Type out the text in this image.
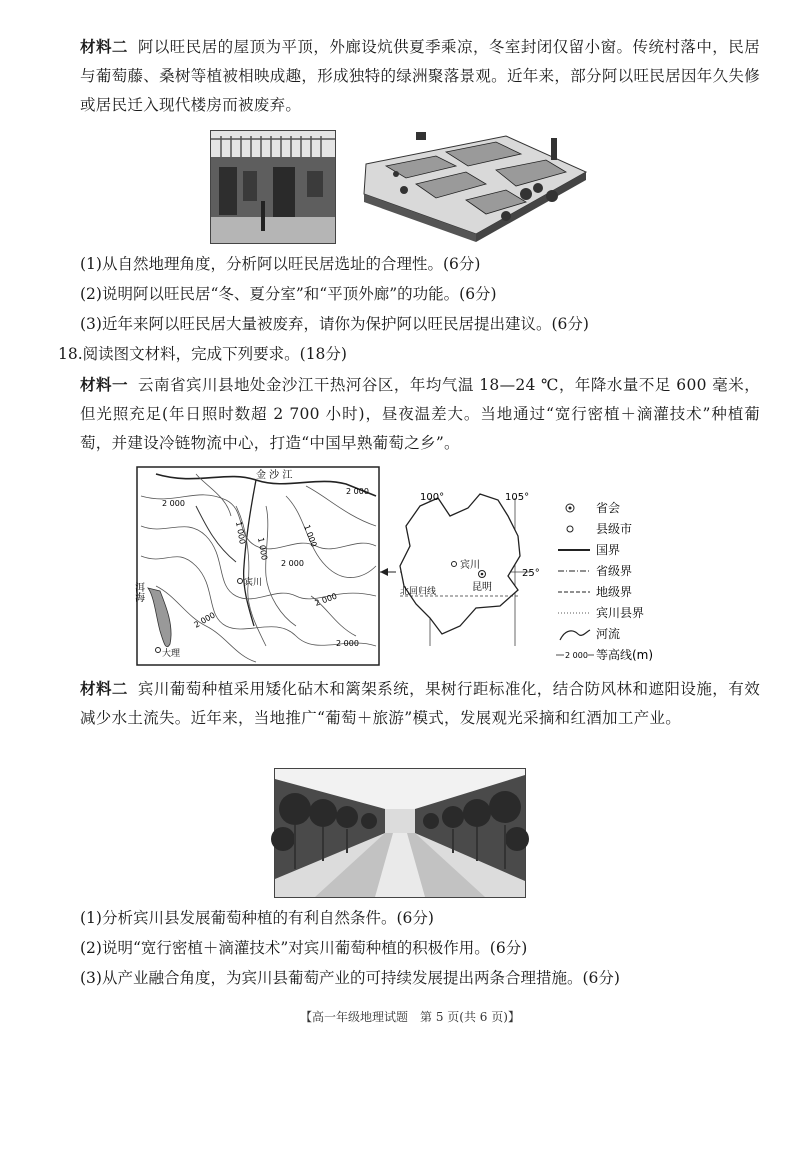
材料二 阿以旺民居的屋顶为平顶，外廊设炕供夏季乘凉，冬室封闭仅留小窗。传统村落中，民居与葡萄藤、桑树等植被相映成趣，形成独特的绿洲聚落景观。近年来，部分阿以旺民居因年久失修或居民迁入现代楼房而被废弃。

(1)从自然地理角度，分析阿以旺民居选址的合理性。(6分)

(2)说明阿以旺民居“冬、夏分室”和“平顶外廊”的功能。(6分)

(3)近年来阿以旺民居大量被废弃，请你为保护阿以旺民居提出建议。(6分)

18.阅读图文材料，完成下列要求。(18分)

材料一 云南省宾川县地处金沙江干热河谷区，年均气温 18—24 ℃，年降水量不足 600 毫米，但光照充足(年日照时数超 2 700 小时)，昼夜温差大。当地通过“宽行密植＋滴灌技术”种植葡萄，并建设冷链物流中心，打造“中国早熟葡萄之乡”。

金 沙 江
洱海
2 000
2 000
1 000
1 000
1 000
2 000
2 000
2 000
2 000
宾川
大理
100°	105°
25°
宾川
昆明
北回归线
省会
县级市
国界
省级界
地级界
宾川县界
河流
2 000 等高线(m)

材料二 宾川葡萄种植采用矮化砧木和篱架系统，果树行距标准化，结合防风林和遮阳设施，有效减少水土流失。近年来，当地推广“葡萄＋旅游”模式，发展观光采摘和红酒加工产业。

(1)分析宾川县发展葡萄种植的有利自然条件。(6分)

(2)说明“宽行密植＋滴灌技术”对宾川葡萄种植的积极作用。(6分)

(3)从产业融合角度，为宾川县葡萄产业的可持续发展提出两条合理措施。(6分)

【高一年级地理试题　第 5 页(共 6 页)】
